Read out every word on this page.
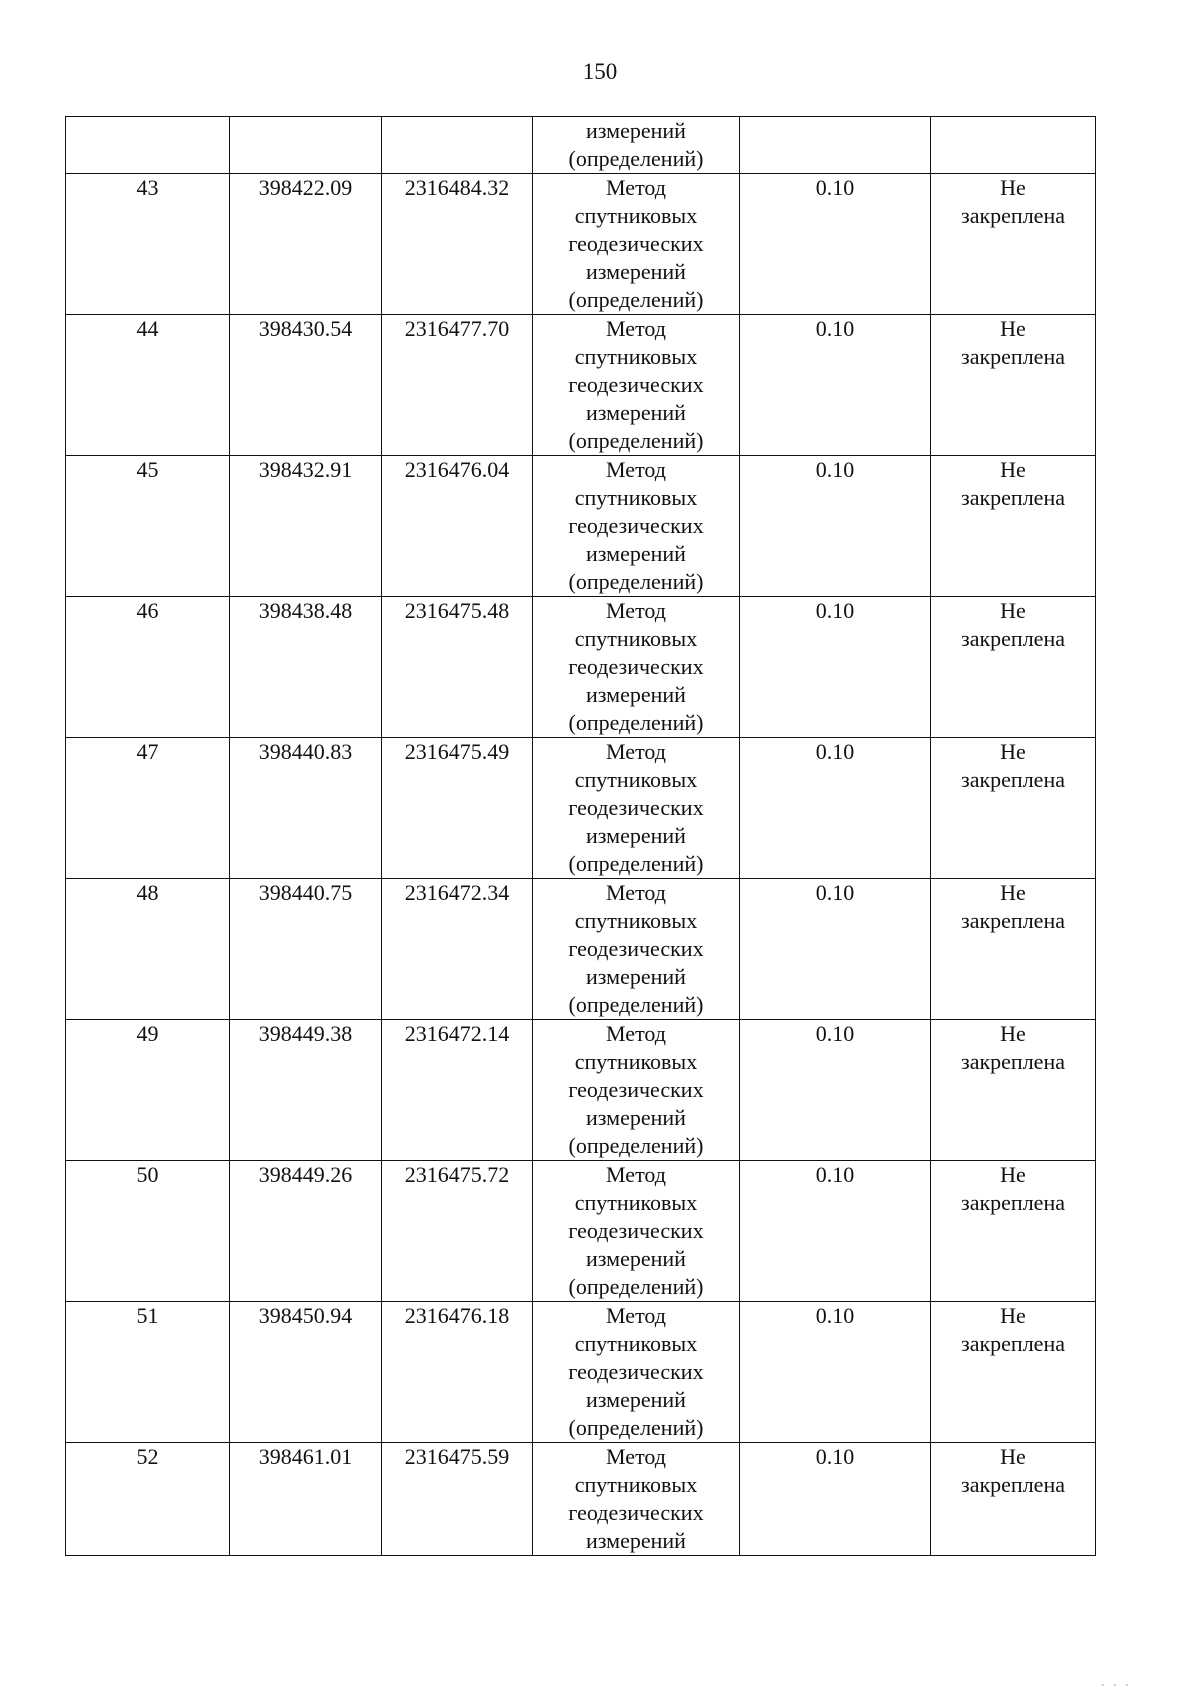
150

			измерений
(определений)		

43	398422.09	2316484.32	Метод
спутниковых
геодезических
измерений
(определений)	0.10	Не
закреплена

44	398430.54	2316477.70	Метод
спутниковых
геодезических
измерений
(определений)	0.10	Не
закреплена

45	398432.91	2316476.04	Метод
спутниковых
геодезических
измерений
(определений)	0.10	Не
закреплена

46	398438.48	2316475.48	Метод
спутниковых
геодезических
измерений
(определений)	0.10	Не
закреплена

47	398440.83	2316475.49	Метод
спутниковых
геодезических
измерений
(определений)	0.10	Не
закреплена

48	398440.75	2316472.34	Метод
спутниковых
геодезических
измерений
(определений)	0.10	Не
закреплена

49	398449.38	2316472.14	Метод
спутниковых
геодезических
измерений
(определений)	0.10	Не
закреплена

50	398449.26	2316475.72	Метод
спутниковых
геодезических
измерений
(определений)	0.10	Не
закреплена

51	398450.94	2316476.18	Метод
спутниковых
геодезических
измерений
(определений)	0.10	Не
закреплена

52	398461.01	2316475.59	Метод
спутниковых
геодезических
измерений	0.10	Не
закреплена
· · ·
